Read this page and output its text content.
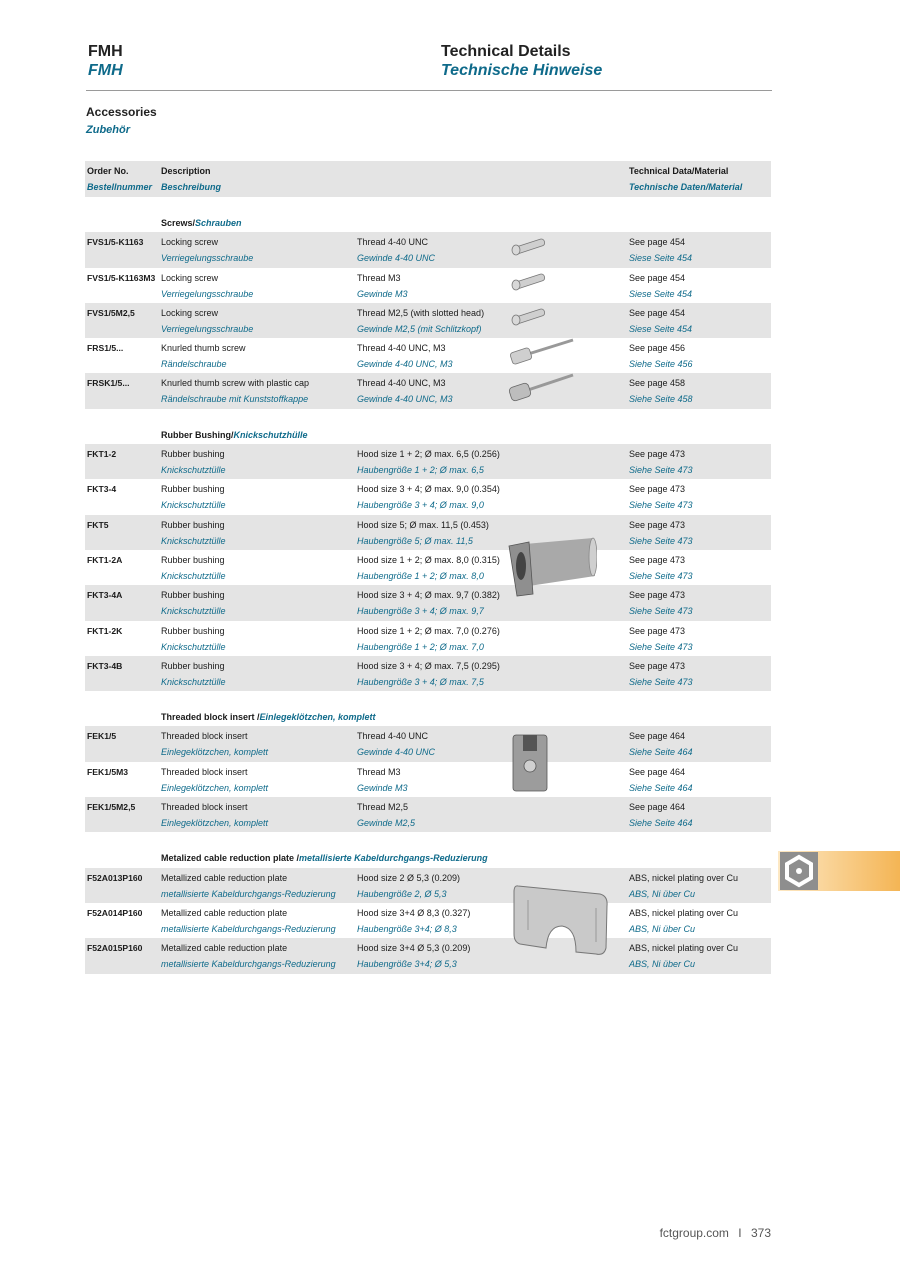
FMH
FMH
Technical Details
Technische Hinweise
Accessories
Zubehör
Order No.
Bestellnummer
Description
Beschreibung
Technical Data/Material
Technische Daten/Material
Screws/Schrauben
FVS1/5-K1163 Locking screw
Verriegelungsschraube
Thread 4-40 UNC
Gewinde 4-40 UNC
See page 454
Siese Seite 454
FVS1/5-K1163M3 Locking screw
Verriegelungsschraube
Thread M3
Gewinde M3
See page 454
Siese Seite 454
FVS1/5M2,5	Locking screw
Verriegelungsschraube
Thread M2,5 (with slotted head)
Gewinde M2,5 (mit Schlitzkopf)
See page 454
Siese Seite 454
FRS1/5...	Knurled thumb screw
Rändelschraube
Thread 4-40 UNC, M3
Gewinde 4-40 UNC, M3
See page 456
Siehe Seite 456
FRSK1/5...	Knurled thumb screw with plastic cap
Rändelschraube mit Kunststoffkappe
Thread 4-40 UNC, M3
Gewinde 4-40 UNC, M3
See page 458
Siehe Seite 458
Rubber Bushing/Knickschutzhülle
FKT1-2	Rubber bushing
Knickschutztülle
Hood size 1 + 2; Ø max. 6,5 (0.256)
Haubengröße 1 + 2; Ø max. 6,5
See page 473
Siehe Seite 473
FKT3-4	Rubber bushing
Knickschutztülle
Hood size 3 + 4; Ø max. 9,0 (0.354)
Haubengröße 3 + 4; Ø max. 9,0
See page 473
Siehe Seite 473
FKT5	Rubber bushing
Knickschutztülle
Hood size 5; Ø max. 11,5 (0.453)
Haubengröße 5; Ø max. 11,5
See page 473
Siehe Seite 473
FKT1-2A	Rubber bushing
Knickschutztülle
Hood size 1 + 2; Ø max. 8,0 (0.315)
Haubengröße 1 + 2; Ø max. 8,0
See page 473
Siehe Seite 473
FKT3-4A	Rubber bushing
Knickschutztülle
Hood size 3 + 4; Ø max. 9,7 (0.382)
Haubengröße 3 + 4; Ø max. 9,7
See page 473
Siehe Seite 473
FKT1-2K	Rubber bushing
Knickschutztülle
Hood size 1 + 2; Ø max. 7,0 (0.276)
Haubengröße 1 + 2; Ø max. 7,0
See page 473
Siehe Seite 473
FKT3-4B	Rubber bushing
Knickschutztülle
Hood size 3 + 4; Ø max. 7,5 (0.295)
Haubengröße 3 + 4; Ø max. 7,5
See page 473
Siehe Seite 473
Threaded block insert /Einlegeklötzchen, komplett
FEK1/5	Threaded block insert
Einlegeklötzchen, komplett
Thread 4-40 UNC
Gewinde 4-40 UNC
See page 464
Siehe Seite 464
FEK1/5M3	Threaded block insert
Einlegeklötzchen, komplett
Thread M3
Gewinde M3
See page 464
Siehe Seite 464
FEK1/5M2,5	Threaded block insert
Einlegeklötzchen, komplett
Thread M2,5
Gewinde M2,5
See page 464
Siehe Seite 464
Metalized cable reduction plate /metallisierte Kabeldurchgangs-Reduzierung
F52A013P160 Metallized cable reduction plate
metallisierte Kabeldurchgangs-Reduzierung
Hood size 2 Ø 5,3 (0.209)
Haubengröße 2, Ø 5,3
ABS, nickel plating over Cu
ABS, Ni über Cu
F52A014P160 Metallized cable reduction plate
metallisierte Kabeldurchgangs-Reduzierung
Hood size 3+4 Ø 8,3 (0.327)
Haubengröße 3+4; Ø 8,3
ABS, nickel plating over Cu
ABS, Ni über Cu
F52A015P160 Metallized cable reduction plate
metallisierte Kabeldurchgangs-Reduzierung
Hood size 3+4 Ø 5,3 (0.209)
Haubengröße 3+4; Ø 5,3
ABS, nickel plating over Cu
ABS, Ni über Cu
fctgroup.com I 373
